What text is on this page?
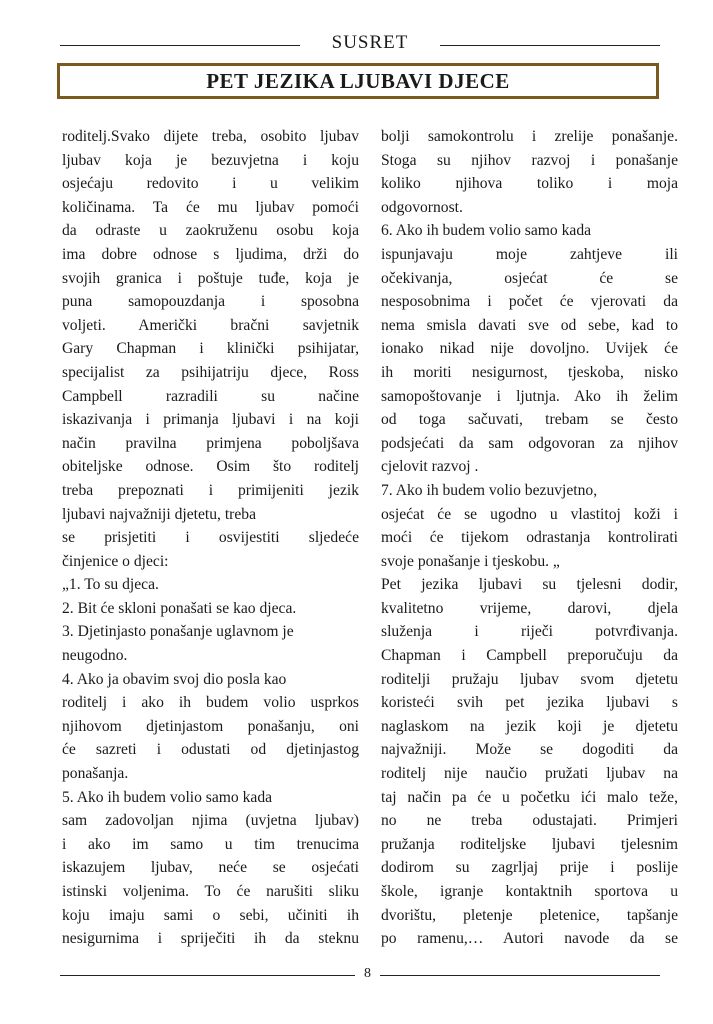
SUSRET
PET JEZIKA LJUBAVI DJECE
roditelj.Svako dijete treba, osobito ljubav
ljubav koja je bezuvjetna i koju
osjećaju redovito i u velikim
količinama. Ta će mu ljubav pomoći
da odraste u zaokruženu osobu koja
ima dobre odnose s ljudima, drži do
svojih granica i poštuje tuđe, koja je
puna samopouzdanja i sposobna
voljeti. Američki bračni savjetnik
Gary Chapman i klinički psihijatar,
specijalist za psihijatriju djece, Ross
Campbell razradili su načine
iskazivanja i primanja ljubavi i na koji
način pravilna primjena poboljšava
obiteljske odnose. Osim što roditelj
treba prepoznati i primijeniti jezik
ljubavi najvažniji djetetu, treba
se prisjetiti i osvijestiti sljedeće
činjenice o djeci:
„1. To su djeca.
2. Bit će skloni ponašati se kao djeca.
3. Djetinjasto ponašanje uglavnom je
neugodno.
4. Ako ja obavim svoj dio posla kao
roditelj i ako ih budem volio usprkos
njihovom djetinjastom ponašanju, oni
će sazreti i odustati od djetinjastog
ponašanja.
5. Ako ih budem volio samo kada
sam zadovoljan njima (uvjetna ljubav)
i ako im samo u tim trenucima
iskazujem ljubav, neće se osjećati
istinski voljenima. To će narušiti sliku
koju imaju sami o sebi, učiniti ih
nesigurnima i spriječiti ih da steknu
bolji samokontrolu i zrelije ponašanje.
Stoga su njihov razvoj i ponašanje
koliko njihova toliko i moja
odgovornost.
6. Ako ih budem volio samo kada
ispunjavaju moje zahtjeve ili
očekivanja, osjećat će se
nesposobnima i počet će vjerovati da
nema smisla davati sve od sebe, kad to
ionako nikad nije dovoljno. Uvijek će
ih moriti nesigurnost, tjeskoba, nisko
samopoštovanje i ljutnja. Ako ih želim
od toga sačuvati, trebam se često
podsjećati da sam odgovoran za njihov
cjelovit razvoj .
7. Ako ih budem volio bezuvjetno,
osjećat će se ugodno u vlastitoj koži i
moći će tijekom odrastanja kontrolirati
svoje ponašanje i tjeskobu. „
Pet jezika ljubavi su tjelesni dodir,
kvalitetno vrijeme, darovi, djela
služenja i riječi potvrđivanja.
Chapman i Campbell preporučuju da
roditelji pružaju ljubav svom djetetu
koristeći svih pet jezika ljubavi s
naglaskom na jezik koji je djetetu
najvažniji. Može se dogoditi da
roditelj nije naučio pružati ljubav na
taj način pa će u početku ići malo teže,
no ne treba odustajati. Primjeri
pružanja roditeljske ljubavi tjelesnim
dodirom su zagrljaj prije i poslije
škole, igranje kontaktnih sportova u
dvorištu, pletenje pletenice, tapšanje
po ramenu,… Autori navode da se
8
